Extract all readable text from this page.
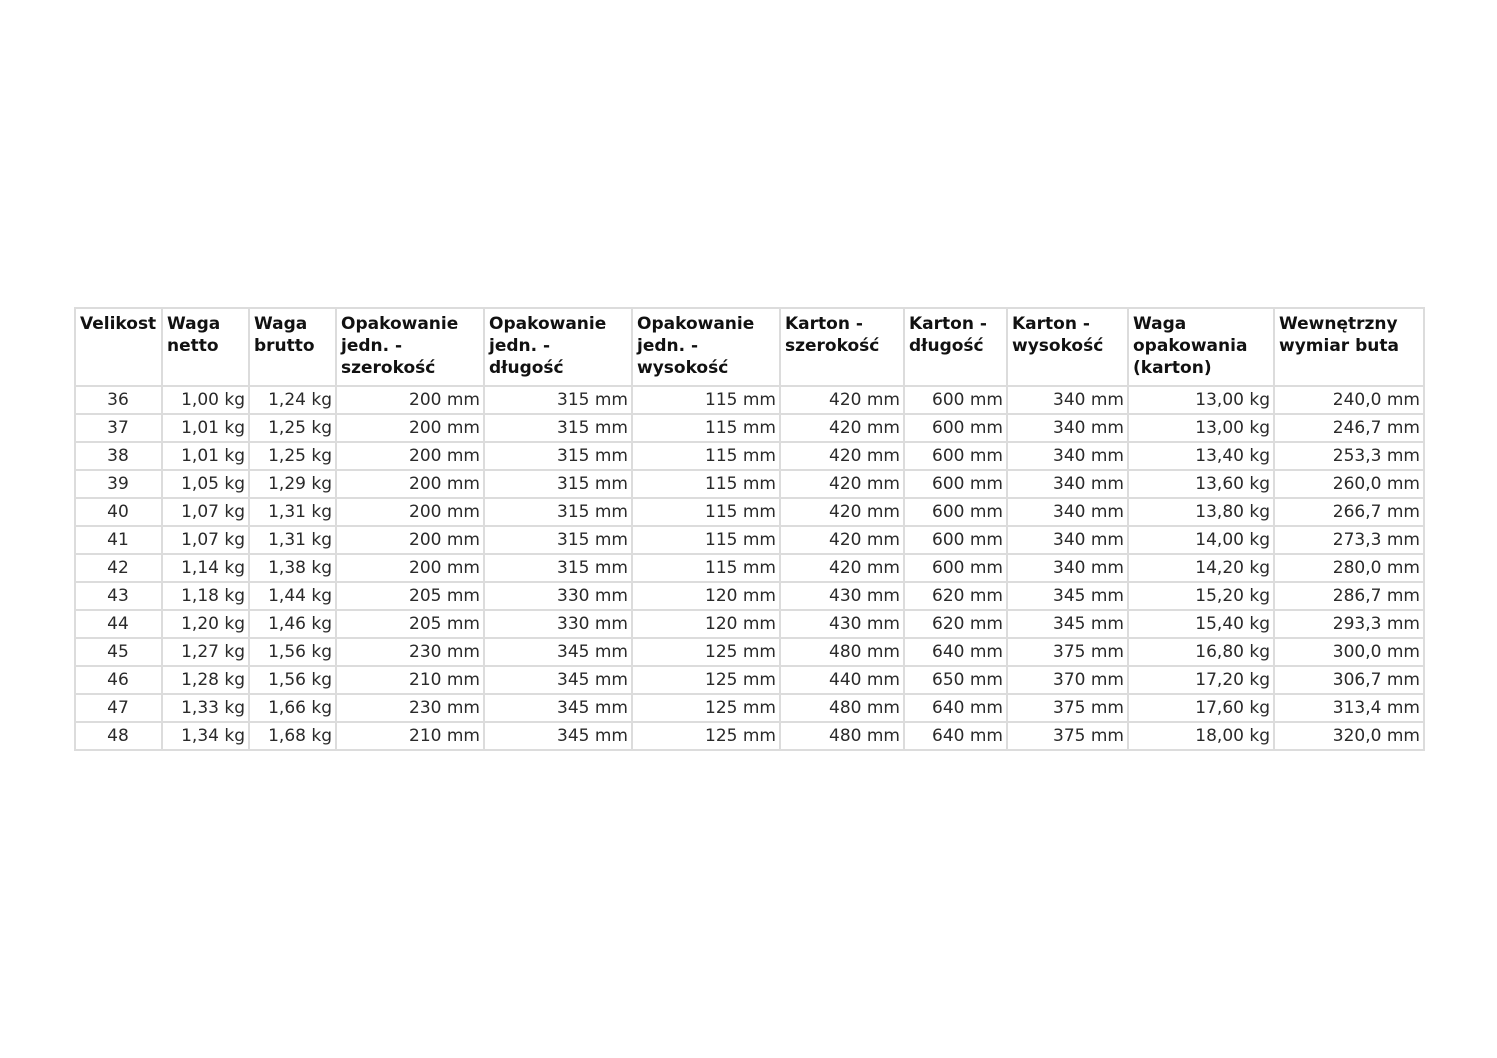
Velikost	Waga netto	Waga brutto	Opakowanie jedn. - szerokość	Opakowanie jedn. - długość	Opakowanie jedn. - wysokość	Karton - szerokość	Karton - długość	Karton - wysokość	Waga opakowania (karton)	Wewnętrzny wymiar buta
36	1,00 kg	1,24 kg	200 mm	315 mm	115 mm	420 mm	600 mm	340 mm	13,00 kg	240,0 mm
37	1,01 kg	1,25 kg	200 mm	315 mm	115 mm	420 mm	600 mm	340 mm	13,00 kg	246,7 mm
38	1,01 kg	1,25 kg	200 mm	315 mm	115 mm	420 mm	600 mm	340 mm	13,40 kg	253,3 mm
39	1,05 kg	1,29 kg	200 mm	315 mm	115 mm	420 mm	600 mm	340 mm	13,60 kg	260,0 mm
40	1,07 kg	1,31 kg	200 mm	315 mm	115 mm	420 mm	600 mm	340 mm	13,80 kg	266,7 mm
41	1,07 kg	1,31 kg	200 mm	315 mm	115 mm	420 mm	600 mm	340 mm	14,00 kg	273,3 mm
42	1,14 kg	1,38 kg	200 mm	315 mm	115 mm	420 mm	600 mm	340 mm	14,20 kg	280,0 mm
43	1,18 kg	1,44 kg	205 mm	330 mm	120 mm	430 mm	620 mm	345 mm	15,20 kg	286,7 mm
44	1,20 kg	1,46 kg	205 mm	330 mm	120 mm	430 mm	620 mm	345 mm	15,40 kg	293,3 mm
45	1,27 kg	1,56 kg	230 mm	345 mm	125 mm	480 mm	640 mm	375 mm	16,80 kg	300,0 mm
46	1,28 kg	1,56 kg	210 mm	345 mm	125 mm	440 mm	650 mm	370 mm	17,20 kg	306,7 mm
47	1,33 kg	1,66 kg	230 mm	345 mm	125 mm	480 mm	640 mm	375 mm	17,60 kg	313,4 mm
48	1,34 kg	1,68 kg	210 mm	345 mm	125 mm	480 mm	640 mm	375 mm	18,00 kg	320,0 mm
